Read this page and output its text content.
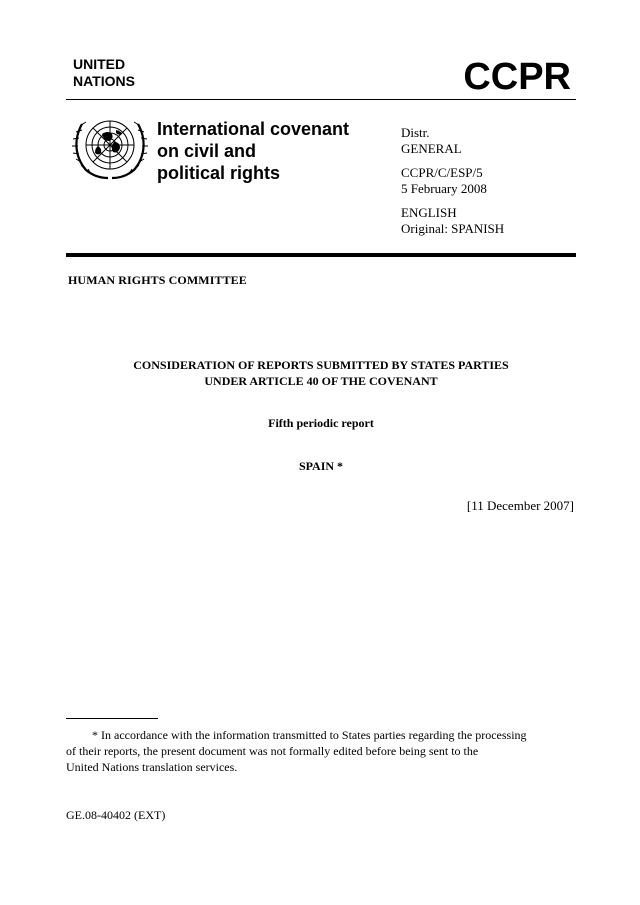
UNITED
NATIONS	CCPR
International covenant
on civil and
political rights
Distr.
GENERAL
CCPR/C/ESP/5
5 February 2008
ENGLISH
Original: SPANISH
HUMAN RIGHTS COMMITTEE
CONSIDERATION OF REPORTS SUBMITTED BY STATES PARTIES
UNDER ARTICLE 40 OF THE COVENANT
Fifth periodic report
SPAIN *
[11 December 2007]
* In accordance with the information transmitted to States parties regarding the processing
of their reports, the present document was not formally edited before being sent to the
United Nations translation services.
GE.08-40402 (EXT)
